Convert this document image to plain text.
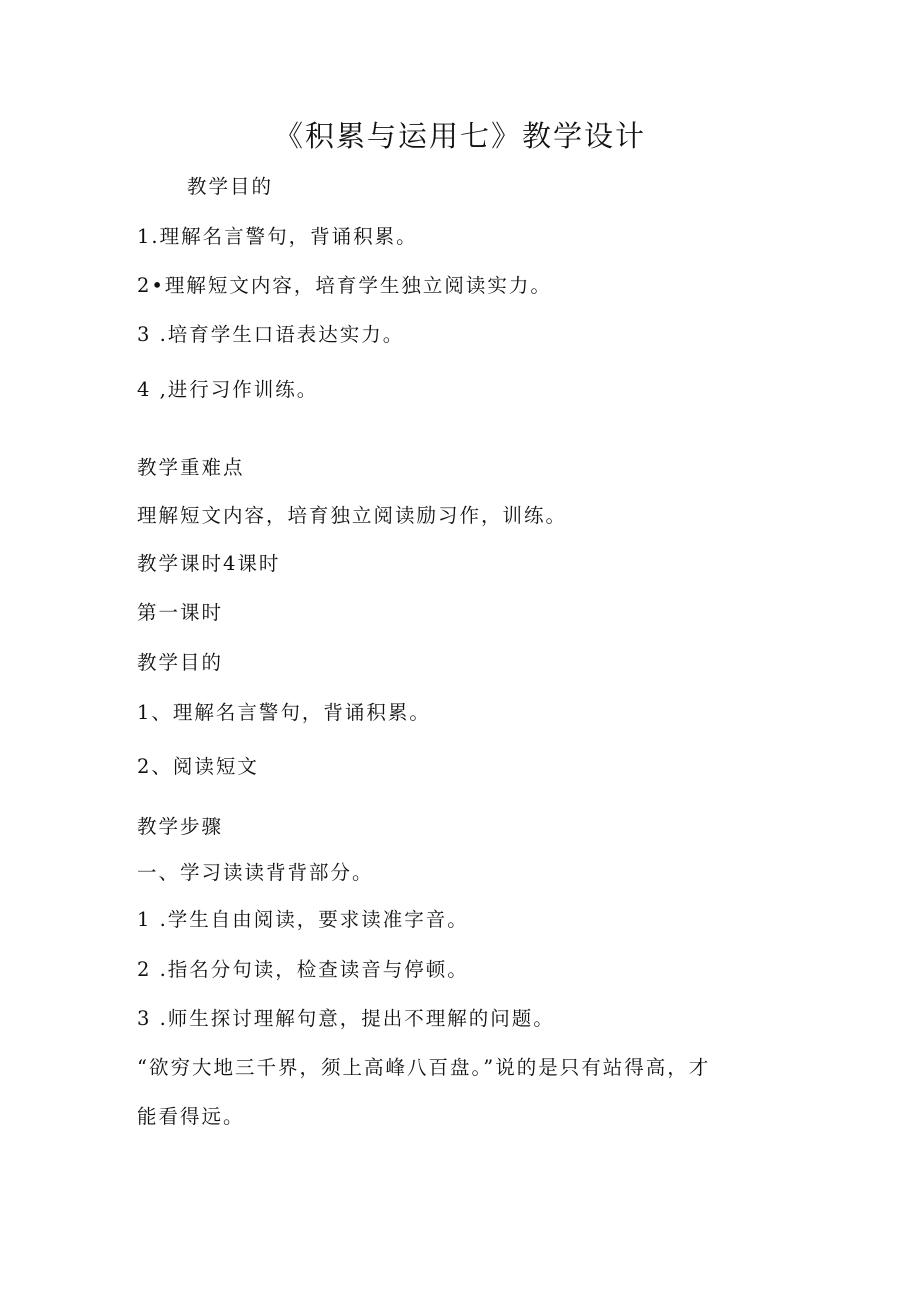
《积累与运用七》教学设计
教学目的
1.理解名言警句，背诵积累。
2•理解短文内容，培育学生独立阅读实力。
3 .培育学生口语表达实力。
4 ,进行习作训练。
教学重难点
理解短文内容，培育独立阅读励习作，训练。
教学课时4课时
第一课时
教学目的
1、理解名言警句，背诵积累。
2、阅读短文
教学步骤
一、学习读读背背部分。
1 .学生自由阅读，要求读准字音。
2 .指名分句读，检查读音与停顿。
3 .师生探讨理解句意，提出不理解的问题。
“欲穷大地三千界，须上高峰八百盘。”说的是只有站得高，才
能看得远。
